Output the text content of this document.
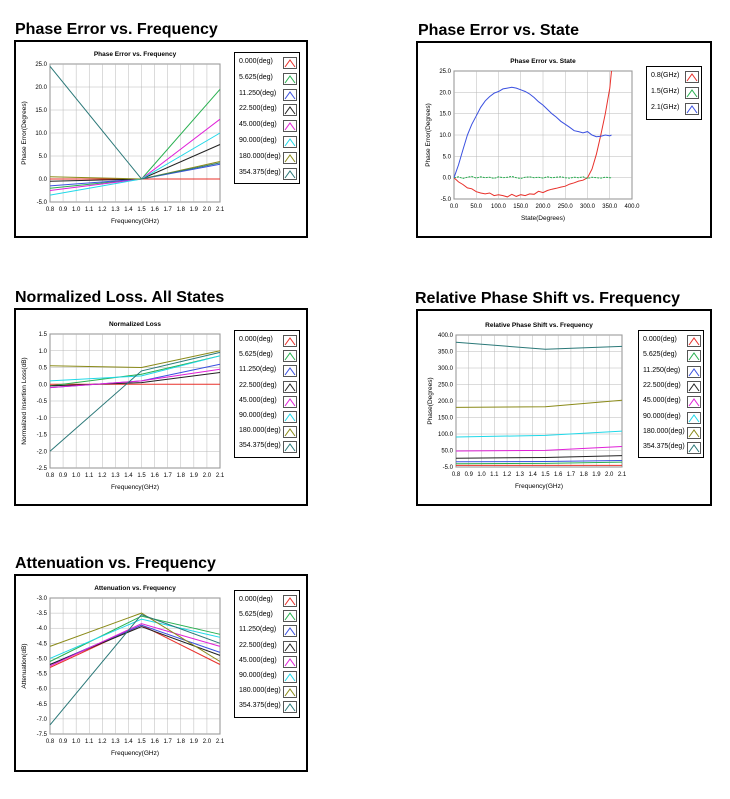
Phase Error vs. Frequency	Phase Error vs. State
Normalized Loss. All States	Relative Phase Shift vs. Frequency
Attenuation vs. Frequency
Phase Error vs. Frequency
0.8 0.9 1.0 1.1 1.2 1.3 1.4 1.5 1.6 1.7 1.8 1.9 2.0 2.1
25.0
20.0
15.0
10.0
5.0
0.0
-5.0
Frequency(GHz)
Phase Error(Degrees)
0.000(deg)
5.625(deg)
11.250(deg)
22.500(deg)
45.000(deg)
90.000(deg)
180.000(deg)
354.375(deg)
Phase Error vs. State
0.0 50.0 100.0 150.0 200.0 250.0 300.0 350.0 400.0
25.0
20.0
15.0
10.0
5.0
0.0
-5.0
State(Degrees)
Phase Error(Degrees)
0.8(GHz)
1.5(GHz)
2.1(GHz)
Normalized Loss
0.8 0.9 1.0 1.1 1.2 1.3 1.4 1.5 1.6 1.7 1.8 1.9 2.0 2.1
1.5
1.0
0.5
0.0
-0.5
-1.0
-1.5
-2.0
-2.5
Frequency(GHz)
Normalized Insertion Loss(dB)
0.000(deg)
5.625(deg)
11.250(deg)
22.500(deg)
45.000(deg)
90.000(deg)
180.000(deg)
354.375(deg)
Relative Phase Shift vs. Frequency
0.8 0.9 1.0 1.1 1.2 1.3 1.4 1.5 1.6 1.7 1.8 1.9 2.0 2.1
400.0
350.0
300.0
250.0
200.0
150.0
100.0
50.0
-5.0
Frequency(GHz)
Phase(Degrees)
0.000(deg)
5.625(deg)
11.250(deg)
22.500(deg)
45.000(deg)
90.000(deg)
180.000(deg)
354.375(deg)
Attenuation vs. Frequency
0.8 0.9 1.0 1.1 1.2 1.3 1.4 1.5 1.6 1.7 1.8 1.9 2.0 2.1
-3.0
-3.5
-4.0
-4.5
-5.0
-5.5
-6.0
-6.5
-7.0
-7.5
Frequency(GHz)
Attenuation(dB)
0.000(deg)
5.625(deg)
11.250(deg)
22.500(deg)
45.000(deg)
90.000(deg)
180.000(deg)
354.375(deg)
